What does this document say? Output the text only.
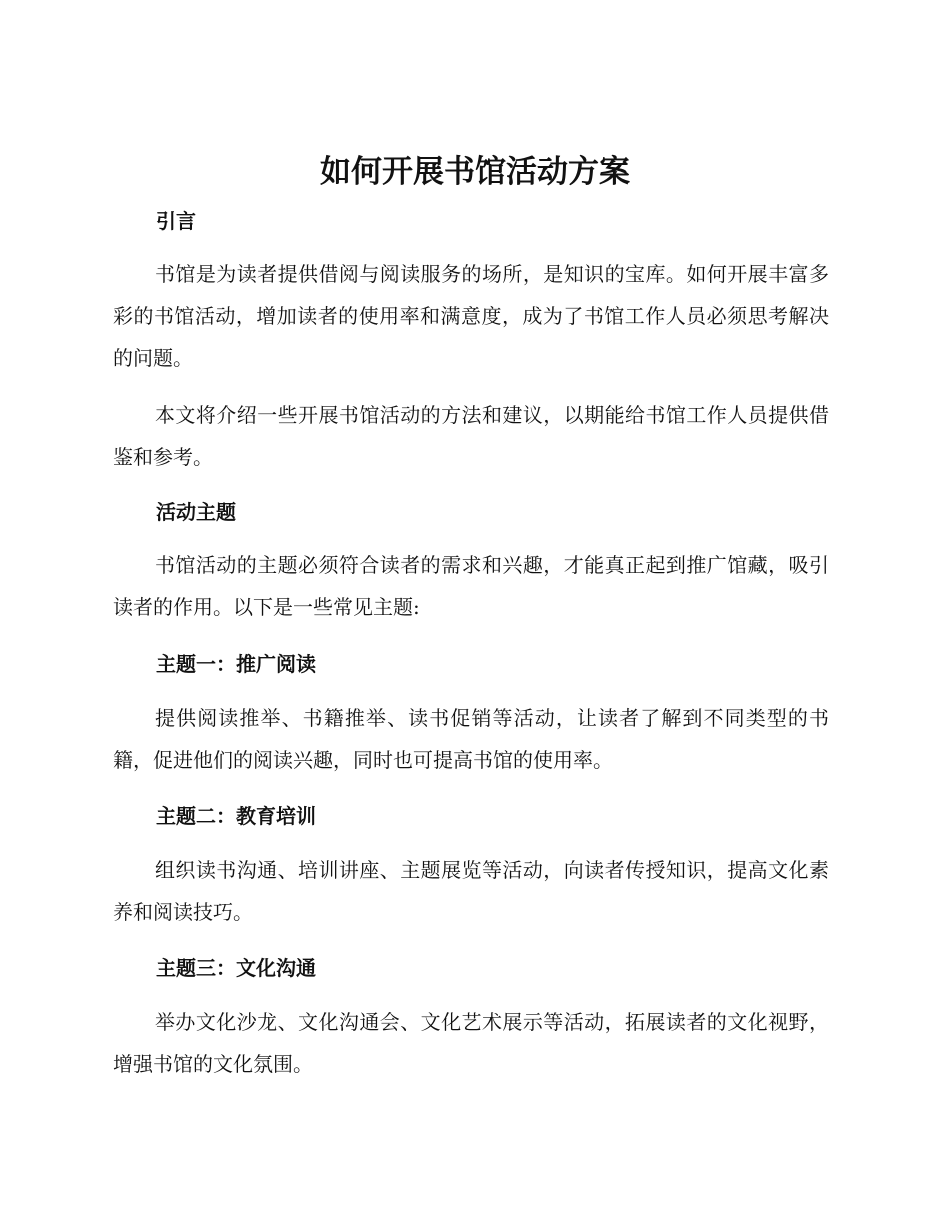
如何开展书馆活动方案
引言

书馆是为读者提供借阅与阅读服务的场所，是知识的宝库。如何开展丰富多彩的书馆活动，增加读者的使用率和满意度，成为了书馆工作人员必须思考解决的问题。

本文将介绍一些开展书馆活动的方法和建议，以期能给书馆工作人员提供借鉴和参考。

活动主题

书馆活动的主题必须符合读者的需求和兴趣，才能真正起到推广馆藏，吸引读者的作用。以下是一些常见主题:

主题一：推广阅读

提供阅读推举、书籍推举、读书促销等活动，让读者了解到不同类型的书籍，促进他们的阅读兴趣，同时也可提高书馆的使用率。

主题二：教育培训

组织读书沟通、培训讲座、主题展览等活动，向读者传授知识，提高文化素养和阅读技巧。

主题三：文化沟通

举办文化沙龙、文化沟通会、文化艺术展示等活动，拓展读者的文化视野，增强书馆的文化氛围。
